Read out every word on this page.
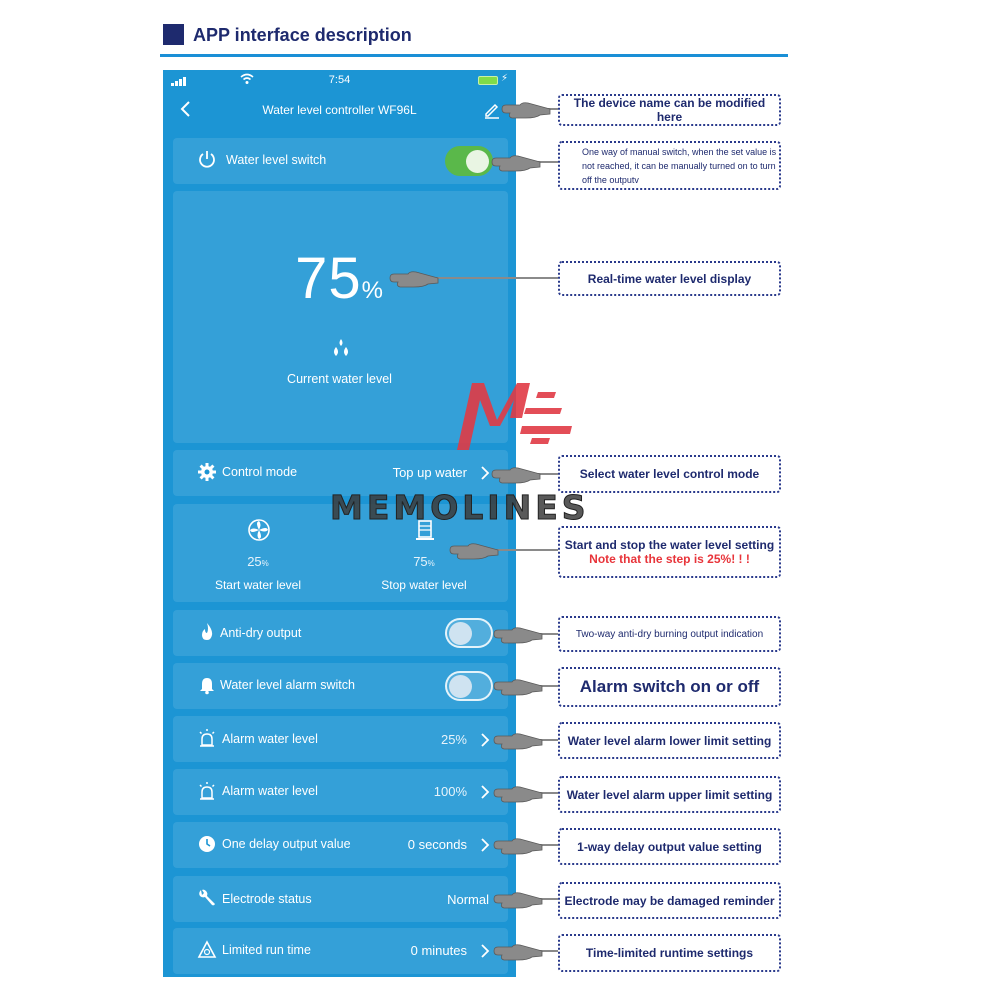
APP interface description
7:54	⚡
Water level controller WF96L
Water level switch
75%
Current water level
Control mode	Top up water
25%
Start water level
75%
Stop water level
Anti-dry output
Water level alarm switch
Alarm water level	25%
Alarm water level	100%
One delay output value	0 seconds
Electrode status	Normal
Limited run time	0 minutes
The device name can be modified here
One way of manual switch, when the set value is not reached, it can be manually turned on to turn off the outputv
Real-time water level display
Select water level control mode
Start and stop the water level setting
Note that the step is 25%! ! !
Two-way anti-dry burning output indication
Alarm switch on or off
Water level alarm lower limit setting
Water level alarm upper limit setting
1-way delay output value setting
Electrode may be damaged reminder
Time-limited runtime settings
MEMOLINES
